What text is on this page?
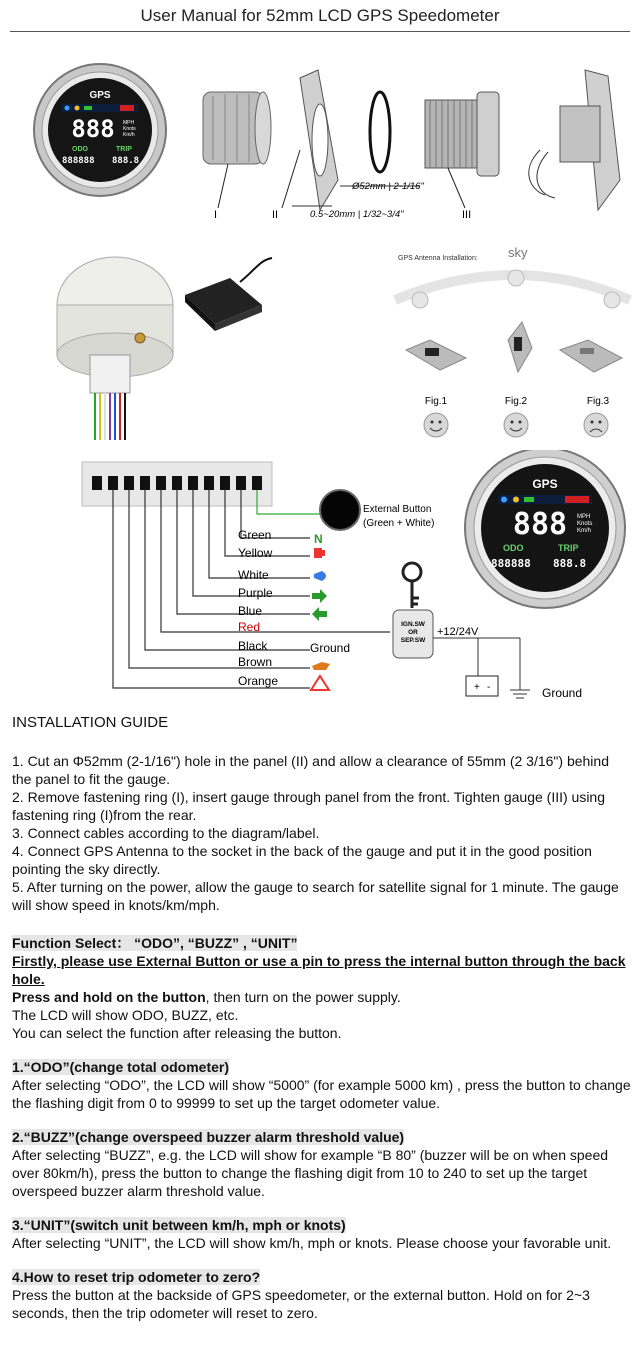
User Manual for 52mm LCD GPS Speedometer
GPS
888 MPH
Knots
Km/h
ODO	TRIP
888888 888.8
I	II	III
Ø52mm | 2-1/16"
0.5~20mm | 1/32~3/4"
GPS Antenna Installation: sky
Fig.1	Fig.2	Fig.3
Green
Yellow
White
Purple
Blue
Red
Black
Brown
Orange
Ground
N
External Button
(Green + White)
GPS
888 MPH
Knots
Km/h
ODO	TRIP
888888 888.8
IGN.SW
OR
SEP.SW
+12/24V
+ -	Ground
INSTALLATION GUIDE

1. Cut an Φ52mm (2-1/16") hole in the panel (II) and allow a clearance of 55mm (2 3/16") behind the panel to fit the gauge.

2. Remove fastening ring (I), insert gauge through panel from the front. Tighten gauge (III) using fastening ring (I)from the rear.

3. Connect cables according to the diagram/label.

4. Connect GPS Antenna to the socket in the back of the gauge and put it in the good position pointing the sky directly.

5. After turning on the power, allow the gauge to search for satellite signal for 1 minute. The gauge will show speed in knots/km/mph.

Function Select： “ODO”, “BUZZ” , “UNIT”

Firstly, please use External Button or use a pin to press the internal button through the back hole.

Press and hold on the button, then turn on the power supply.

The LCD will show ODO, BUZZ, etc.

You can select the function after releasing the button.

1.“ODO”(change total odometer)

After selecting “ODO”, the LCD will show “5000” (for example 5000 km) , press the button to change the flashing digit from 0 to 99999 to set up the target odometer value.

2.“BUZZ”(change overspeed buzzer alarm threshold value)

After selecting “BUZZ”, e.g. the LCD will show for example “B 80” (buzzer will be on when speed over 80km/h), press the button to change the flashing digit from 10 to 240 to set up the target overspeed buzzer alarm threshold value.

3.“UNIT”(switch unit between km/h, mph or knots)

After selecting “UNIT”, the LCD will show km/h, mph or knots. Please choose your favorable unit.

4.How to reset trip odometer to zero?

Press the button at the backside of GPS speedometer, or the external button. Hold on for 2~3 seconds, then the trip odometer will reset to zero.
